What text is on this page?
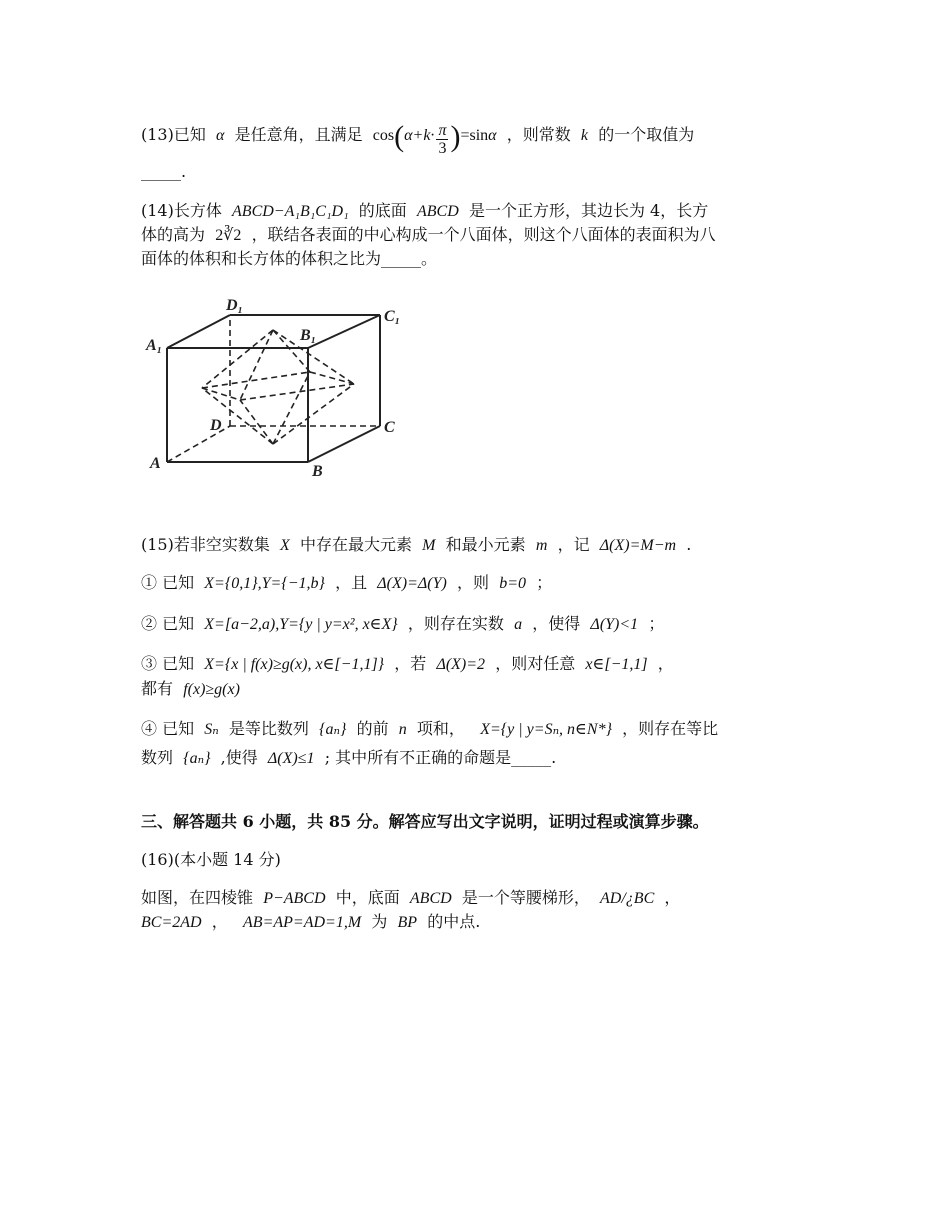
(13)已知 α 是任意角，且满足 $\cos(\alpha+k\cdot \frac{\pi}{3} )=\sin\alpha$ ，则常数 k 的一个取值为
_____.
(14)长方体 ABCD−A₁B₁C₁D₁ 的底面 ABCD 是一个正方形，其边长为 4，长方
体的高为 2∛2 ，联结各表面的中心构成一个八面体，则这个八面体的表面积为八
面体的体积和长方体的体积之比为_____。
D₁
C₁
A₁
B₁
D	C
A	B
(15)若非空实数集 X 中存在最大元素 M 和最小元素 m ，记 Δ(X)=M−m .
① 已知 X={0,1},Y={−1,b} ，且 Δ(X)=Δ(Y) ，则 b=0 ；
② 已知 X=[a−2,a),Y={y | y=x², x∈X} ，则存在实数 a ，使得 Δ(Y)<1 ；
③ 已知 X={x | f(x)≥g(x), x∈[−1,1]} ，若 Δ(X)=2 ，则对任意 x∈[−1,1] ，
都有 f(x)≥g(x)
④ 已知 Sₙ 是等比数列 {aₙ} 的前 n 项和， X={y | y=Sₙ, n∈N*} ，则存在等比
数列 {aₙ} ,使得 Δ(X)≤1 ; 其中所有不正确的命题是_____.
三、解答题共 6 小题，共 85 分。解答应写出文字说明，证明过程或演算步骤。
(16)(本小题 14 分)
如图，在四棱锥 P−ABCD 中，底面 ABCD 是一个等腰梯形， AD/¿BC ，
BC=2AD ， AB=AP=AD=1,M 为 BP 的中点.
